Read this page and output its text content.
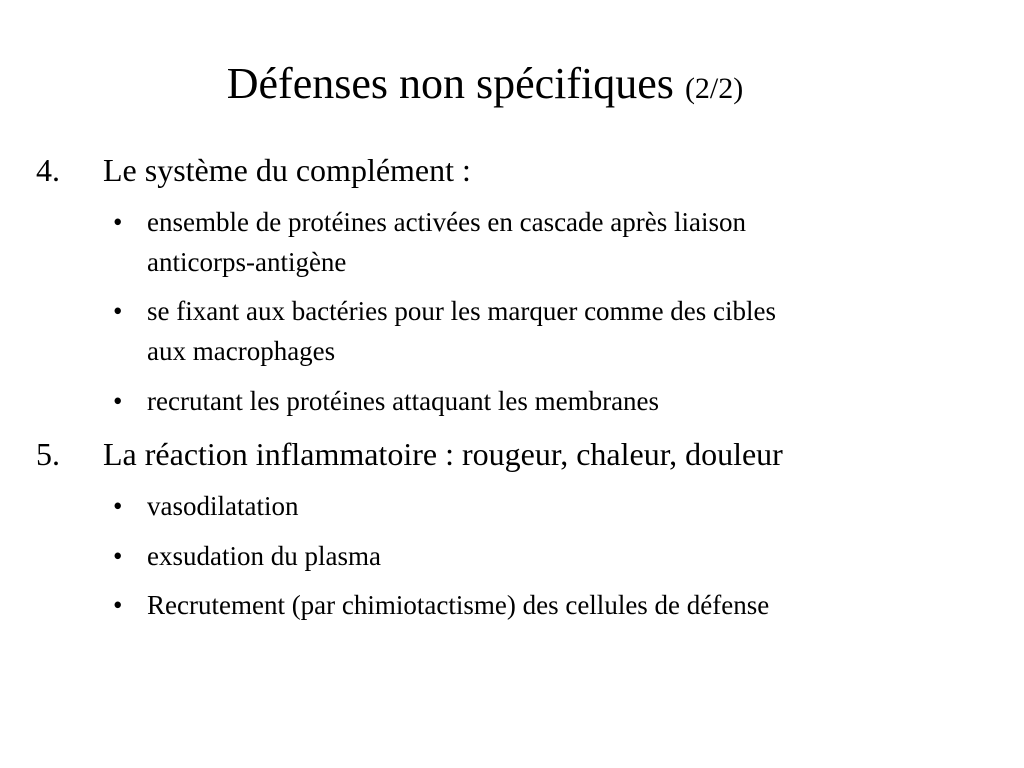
Défenses non spécifiques (2/2)
4. Le système du complément :
• ensemble de protéines activées en cascade après liaison
anticorps-antigène
• se fixant aux bactéries pour les marquer comme des cibles
aux macrophages
• recrutant les protéines attaquant les membranes
5. La réaction inflammatoire : rougeur, chaleur, douleur
• vasodilatation
• exsudation du plasma
• Recrutement (par chimiotactisme) des cellules de défense
